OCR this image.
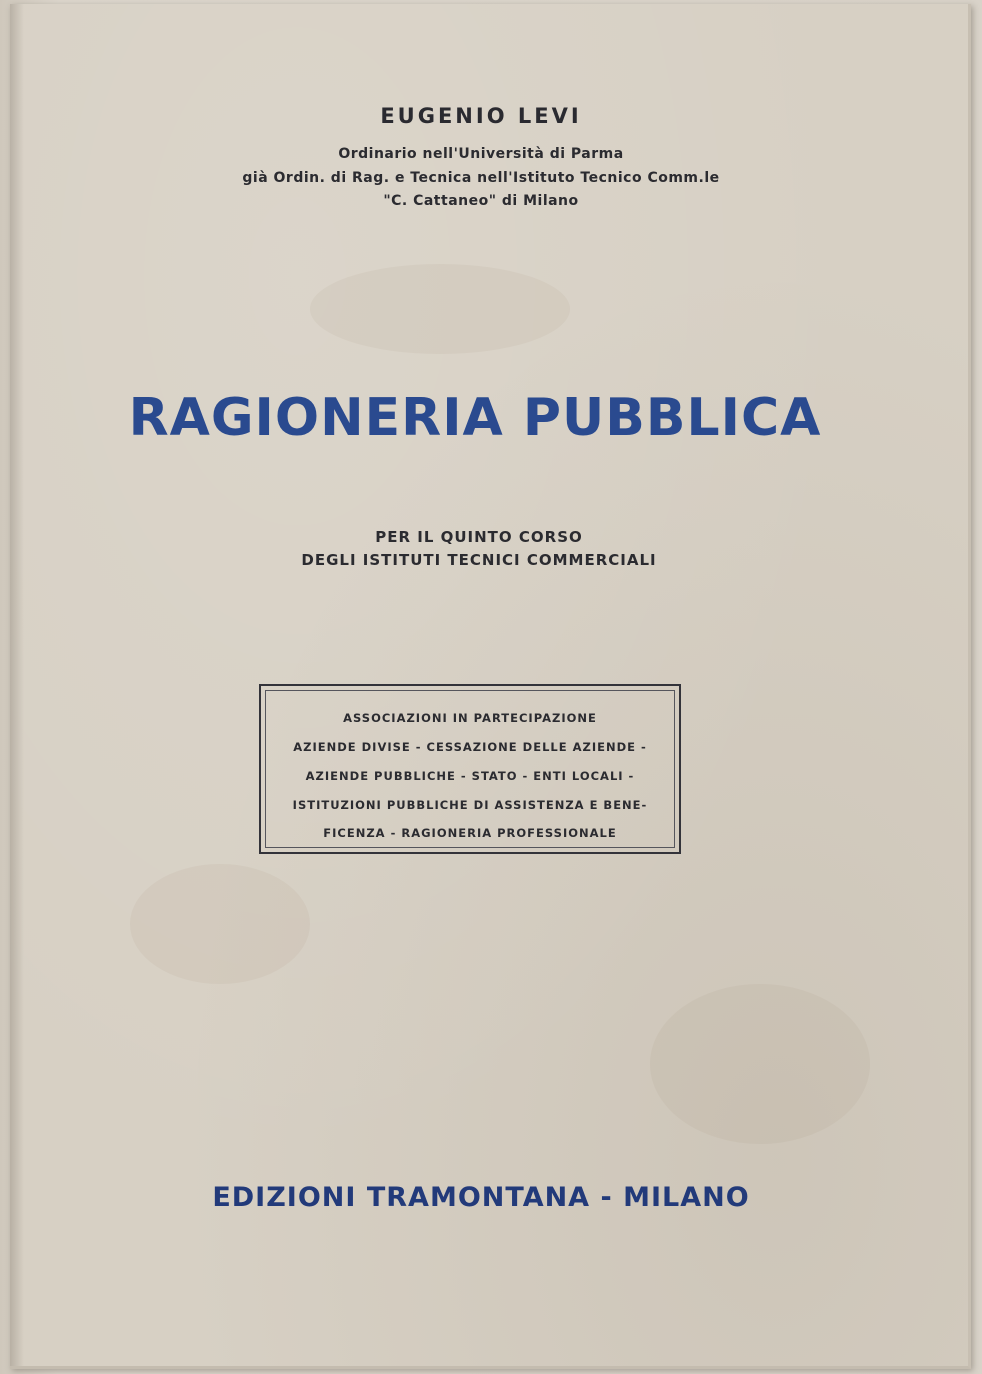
EUGENIO LEVI

Ordinario nell'Università di Parma

già Ordin. di Rag. e Tecnica nell'Istituto Tecnico Comm.le

"C. Cattaneo" di Milano

RAGIONERIA PUBBLICA

PER IL QUINTO CORSO

DEGLI ISTITUTI TECNICI COMMERCIALI

ASSOCIAZIONI IN PARTECIPAZIONE
AZIENDE DIVISE - CESSAZIONE DELLE AZIENDE -
AZIENDE PUBBLICHE - STATO - ENTI LOCALI -
ISTITUZIONI PUBBLICHE DI ASSISTENZA E BENE-
FICENZA - RAGIONERIA PROFESSIONALE

EDIZIONI TRAMONTANA - MILANO
